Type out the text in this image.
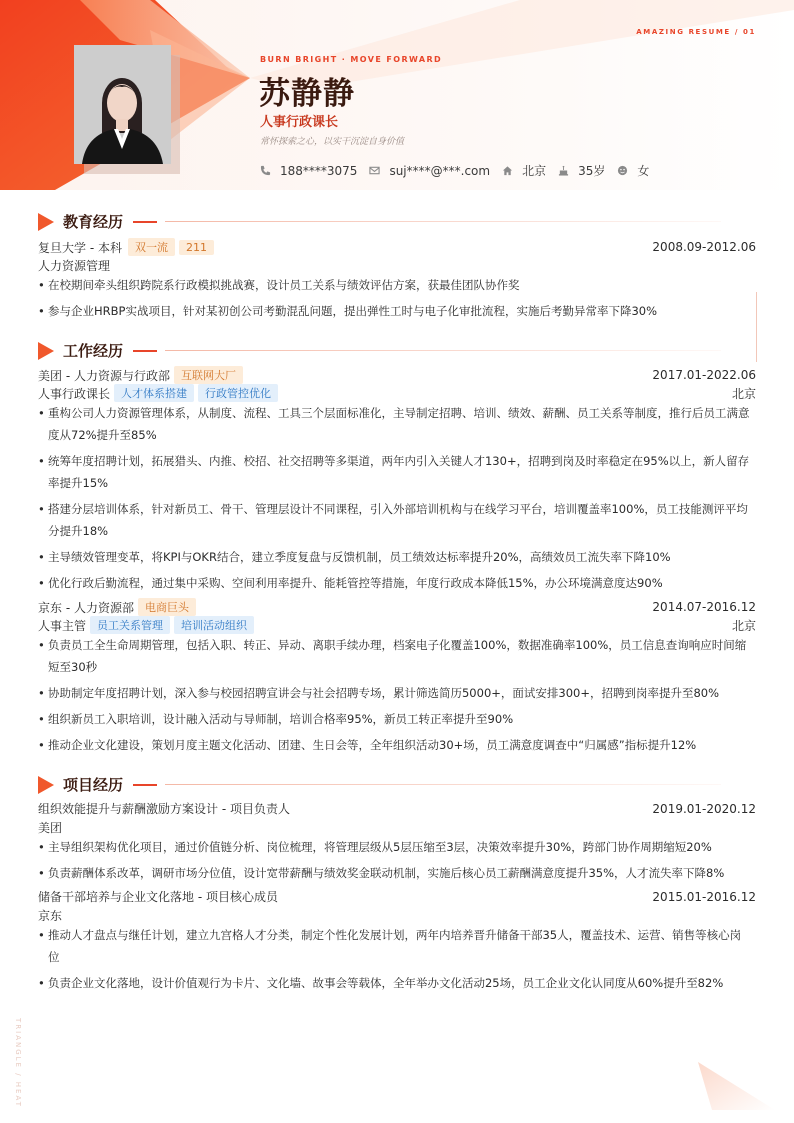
AMAZING RESUME / 01
BURN BRIGHT · MOVE FORWARD
苏静静
人事行政课长
常怀探索之心，以实干沉淀自身价值
188****3075	suj****@***.com	北京	35岁	女
教育经历
复旦大学 - 本科	双一流	211	2008.09-2012.06
人力资源管理
• 在校期间牵头组织跨院系行政模拟挑战赛，设计员工关系与绩效评估方案，获最佳团队协作奖
• 参与企业HRBP实战项目，针对某初创公司考勤混乱问题，提出弹性工时与电子化审批流程，实施后考勤异常率下降30%
工作经历
美团 - 人力资源与行政部	互联网大厂	2017.01-2022.06
人事行政课长	人才体系搭建	行政管控优化	北京
• 重构公司人力资源管理体系，从制度、流程、工具三个层面标准化，主导制定招聘、培训、绩效、薪酬、员工关系等制度，推行后员工满意度从72%提升至85%
• 统筹年度招聘计划，拓展猎头、内推、校招、社交招聘等多渠道，两年内引入关键人才130+，招聘到岗及时率稳定在95%以上，新人留存率提升15%
• 搭建分层培训体系，针对新员工、骨干、管理层设计不同课程，引入外部培训机构与在线学习平台，培训覆盖率100%，员工技能测评平均分提升18%
• 主导绩效管理变革，将KPI与OKR结合，建立季度复盘与反馈机制，员工绩效达标率提升20%，高绩效员工流失率下降10%
• 优化行政后勤流程，通过集中采购、空间利用率提升、能耗管控等措施，年度行政成本降低15%，办公环境满意度达90%
京东 - 人力资源部	电商巨头	2014.07-2016.12
人事主管	员工关系管理	培训活动组织	北京
• 负责员工全生命周期管理，包括入职、转正、异动、离职手续办理，档案电子化覆盖100%，数据准确率100%，员工信息查询响应时间缩短至30秒
• 协助制定年度招聘计划，深入参与校园招聘宣讲会与社会招聘专场，累计筛选简历5000+，面试安排300+，招聘到岗率提升至80%
• 组织新员工入职培训，设计融入活动与导师制，培训合格率95%，新员工转正率提升至90%
• 推动企业文化建设，策划月度主题文化活动、团建、生日会等，全年组织活动30+场，员工满意度调查中“归属感”指标提升12%
项目经历
组织效能提升与薪酬激励方案设计 - 项目负责人	2019.01-2020.12
美团
• 主导组织架构优化项目，通过价值链分析、岗位梳理，将管理层级从5层压缩至3层，决策效率提升30%，跨部门协作周期缩短20%
• 负责薪酬体系改革，调研市场分位值，设计宽带薪酬与绩效奖金联动机制，实施后核心员工薪酬满意度提升35%，人才流失率下降8%
储备干部培养与企业文化落地 - 项目核心成员	2015.01-2016.12
京东
• 推动人才盘点与继任计划，建立九宫格人才分类，制定个性化发展计划，两年内培养晋升储备干部35人，覆盖技术、运营、销售等核心岗位
• 负责企业文化落地，设计价值观行为卡片、文化墙、故事会等载体，全年举办文化活动25场，员工企业文化认同度从60%提升至82%
TRIANGLE / HEAT
